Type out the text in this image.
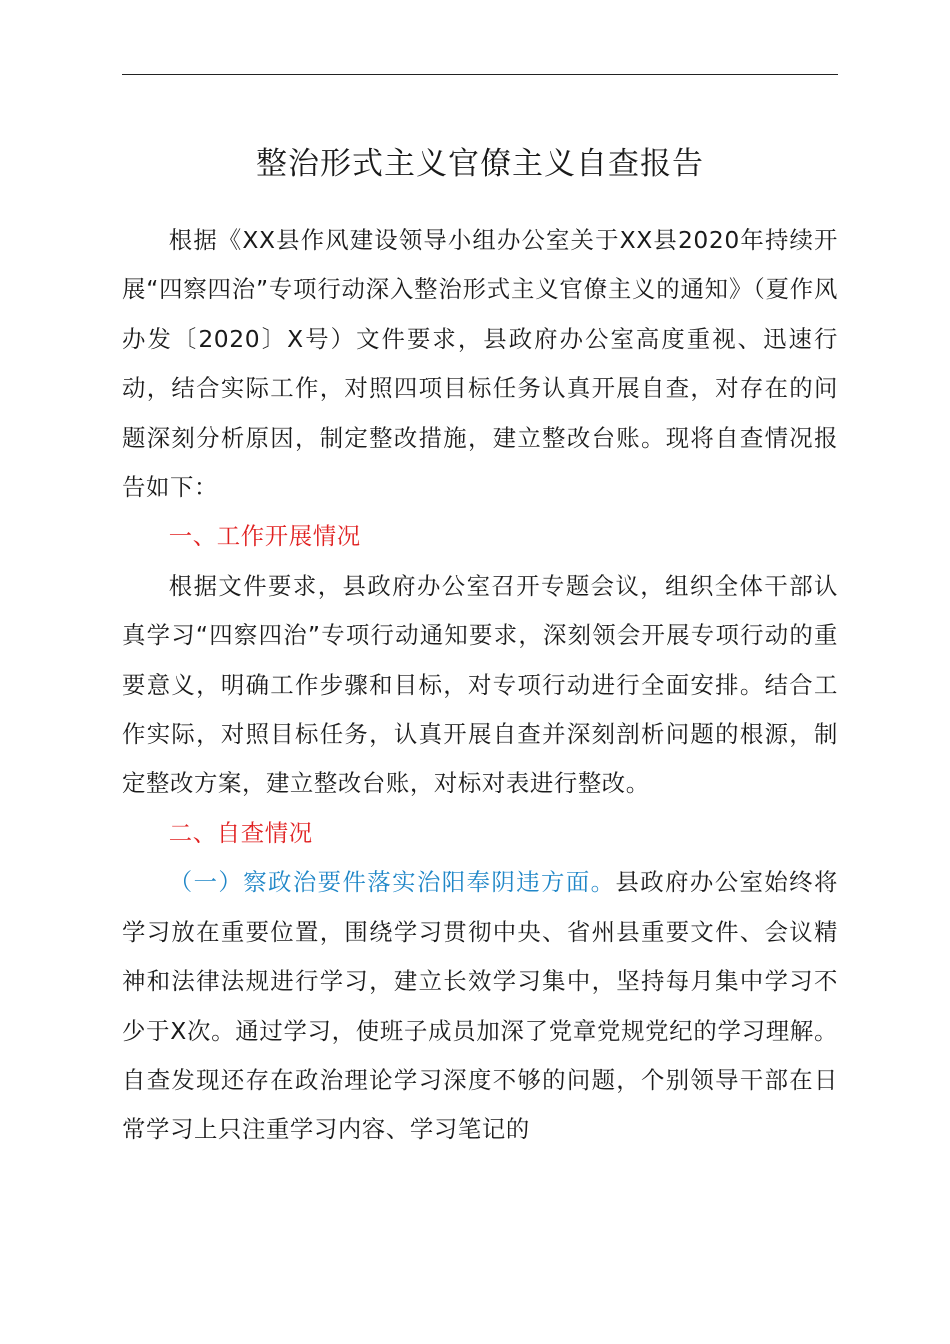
整治形式主义官僚主义自查报告

根据《XX县作风建设领导小组办公室关于XX县2020年持续开展“四察四治”专项行动深入整治形式主义官僚主义的通知》（夏作风办发〔2020〕X号）文件要求，县政府办公室高度重视、迅速行动，结合实际工作，对照四项目标任务认真开展自查，对存在的问题深刻分析原因，制定整改措施，建立整改台账。现将自查情况报告如下：

一、工作开展情况

根据文件要求，县政府办公室召开专题会议，组织全体干部认真学习“四察四治”专项行动通知要求，深刻领会开展专项行动的重要意义，明确工作步骤和目标，对专项行动进行全面安排。结合工作实际，对照目标任务，认真开展自查并深刻剖析问题的根源，制定整改方案，建立整改台账，对标对表进行整改。

二、自查情况

（一）察政治要件落实治阳奉阴违方面。县政府办公室始终将学习放在重要位置，围绕学习贯彻中央、省州县重要文件、会议精神和法律法规进行学习，建立长效学习集中，坚持每月集中学习不少于X次。通过学习，使班子成员加深了党章党规党纪的学习理解。自查发现还存在政治理论学习深度不够的问题，个别领导干部在日常学习上只注重学习内容、学习笔记的
